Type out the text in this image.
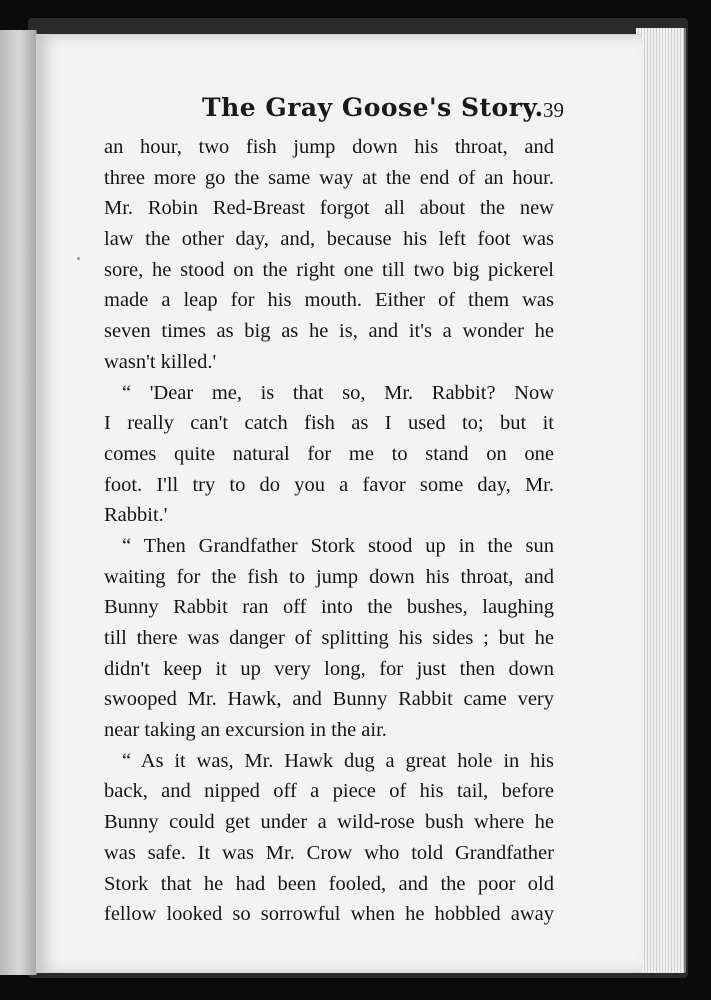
The Gray Goose's Story. 39
an hour, two fish jump down his throat, and
three more go the same way at the end of an hour.
Mr. Robin Red-Breast forgot all about the new
law the other day, and, because his left foot was
sore, he stood on the right one till two big pickerel
made a leap for his mouth. Either of them was
seven times as big as he is, and it's a wonder he
wasn't killed.'
“ 'Dear me, is that so, Mr. Rabbit? Now
I really can't catch fish as I used to; but it
comes quite natural for me to stand on one
foot. I'll try to do you a favor some day, Mr.
Rabbit.'
“ Then Grandfather Stork stood up in the sun
waiting for the fish to jump down his throat, and
Bunny Rabbit ran off into the bushes, laughing
till there was danger of splitting his sides ; but he
didn't keep it up very long, for just then down
swooped Mr. Hawk, and Bunny Rabbit came very
near taking an excursion in the air.
“ As it was, Mr. Hawk dug a great hole in his
back, and nipped off a piece of his tail, before
Bunny could get under a wild-rose bush where he
was safe. It was Mr. Crow who told Grandfather
Stork that he had been fooled, and the poor old
fellow looked so sorrowful when he hobbled away
